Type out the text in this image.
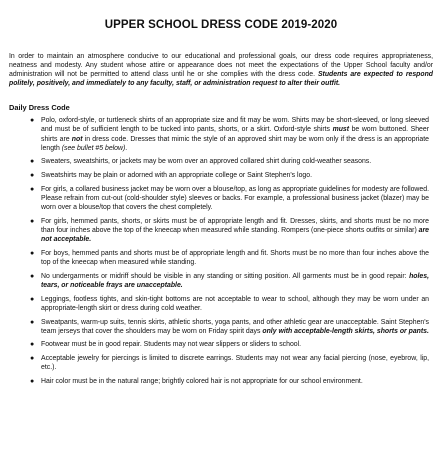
UPPER SCHOOL DRESS CODE 2019-2020

In order to maintain an atmosphere conducive to our educational and professional goals, our dress code requires appropriateness, neatness and modesty. Any student whose attire or appearance does not meet the expectations of the Upper School faculty and/or administration will not be permitted to attend class until he or she complies with the dress code. Students are expected to respond politely, positively, and immediately to any faculty, staff, or administration request to alter their outfit.

Daily Dress Code
● Polo, oxford-style, or turtleneck shirts of an appropriate size and fit may be worn. Shirts may be short-sleeved, or long sleeved and must be of sufficient length to be tucked into pants, shorts, or a skirt. Oxford-style shirts must be worn buttoned. Sheer shirts are not in dress code. Dresses that mimic the style of an approved shirt may be worn only if the dress is an appropriate length (see bullet #5 below).
● Sweaters, sweatshirts, or jackets may be worn over an approved collared shirt during cold-weather seasons.
● Sweatshirts may be plain or adorned with an appropriate college or Saint Stephen's logo.
● For girls, a collared business jacket may be worn over a blouse/top, as long as appropriate guidelines for modesty are followed. Please refrain from cut-out (cold-shoulder style) sleeves or backs. For example, a professional business jacket (blazer) may be worn over a blouse/top that covers the chest completely.
● For girls, hemmed pants, shorts, or skirts must be of appropriate length and fit. Dresses, skirts, and shorts must be no more than four inches above the top of the kneecap when measured while standing. Rompers (one-piece shorts outfits or similar) are not acceptable.
● For boys, hemmed pants and shorts must be of appropriate length and fit. Shorts must be no more than four inches above the top of the kneecap when measured while standing.
● No undergarments or midriff should be visible in any standing or sitting position. All garments must be in good repair: holes, tears, or noticeable frays are unacceptable.
● Leggings, footless tights, and skin-tight bottoms are not acceptable to wear to school, although they may be worn under an appropriate-length skirt or dress during cold weather.
● Sweatpants, warm-up suits, tennis skirts, athletic shorts, yoga pants, and other athletic gear are unacceptable. Saint Stephen's team jerseys that cover the shoulders may be worn on Friday spirit days only with acceptable-length skirts, shorts or pants.
● Footwear must be in good repair. Students may not wear slippers or sliders to school.
● Acceptable jewelry for piercings is limited to discrete earrings. Students may not wear any facial piercing (nose, eyebrow, lip, etc.).
● Hair color must be in the natural range; brightly colored hair is not appropriate for our school environment.
